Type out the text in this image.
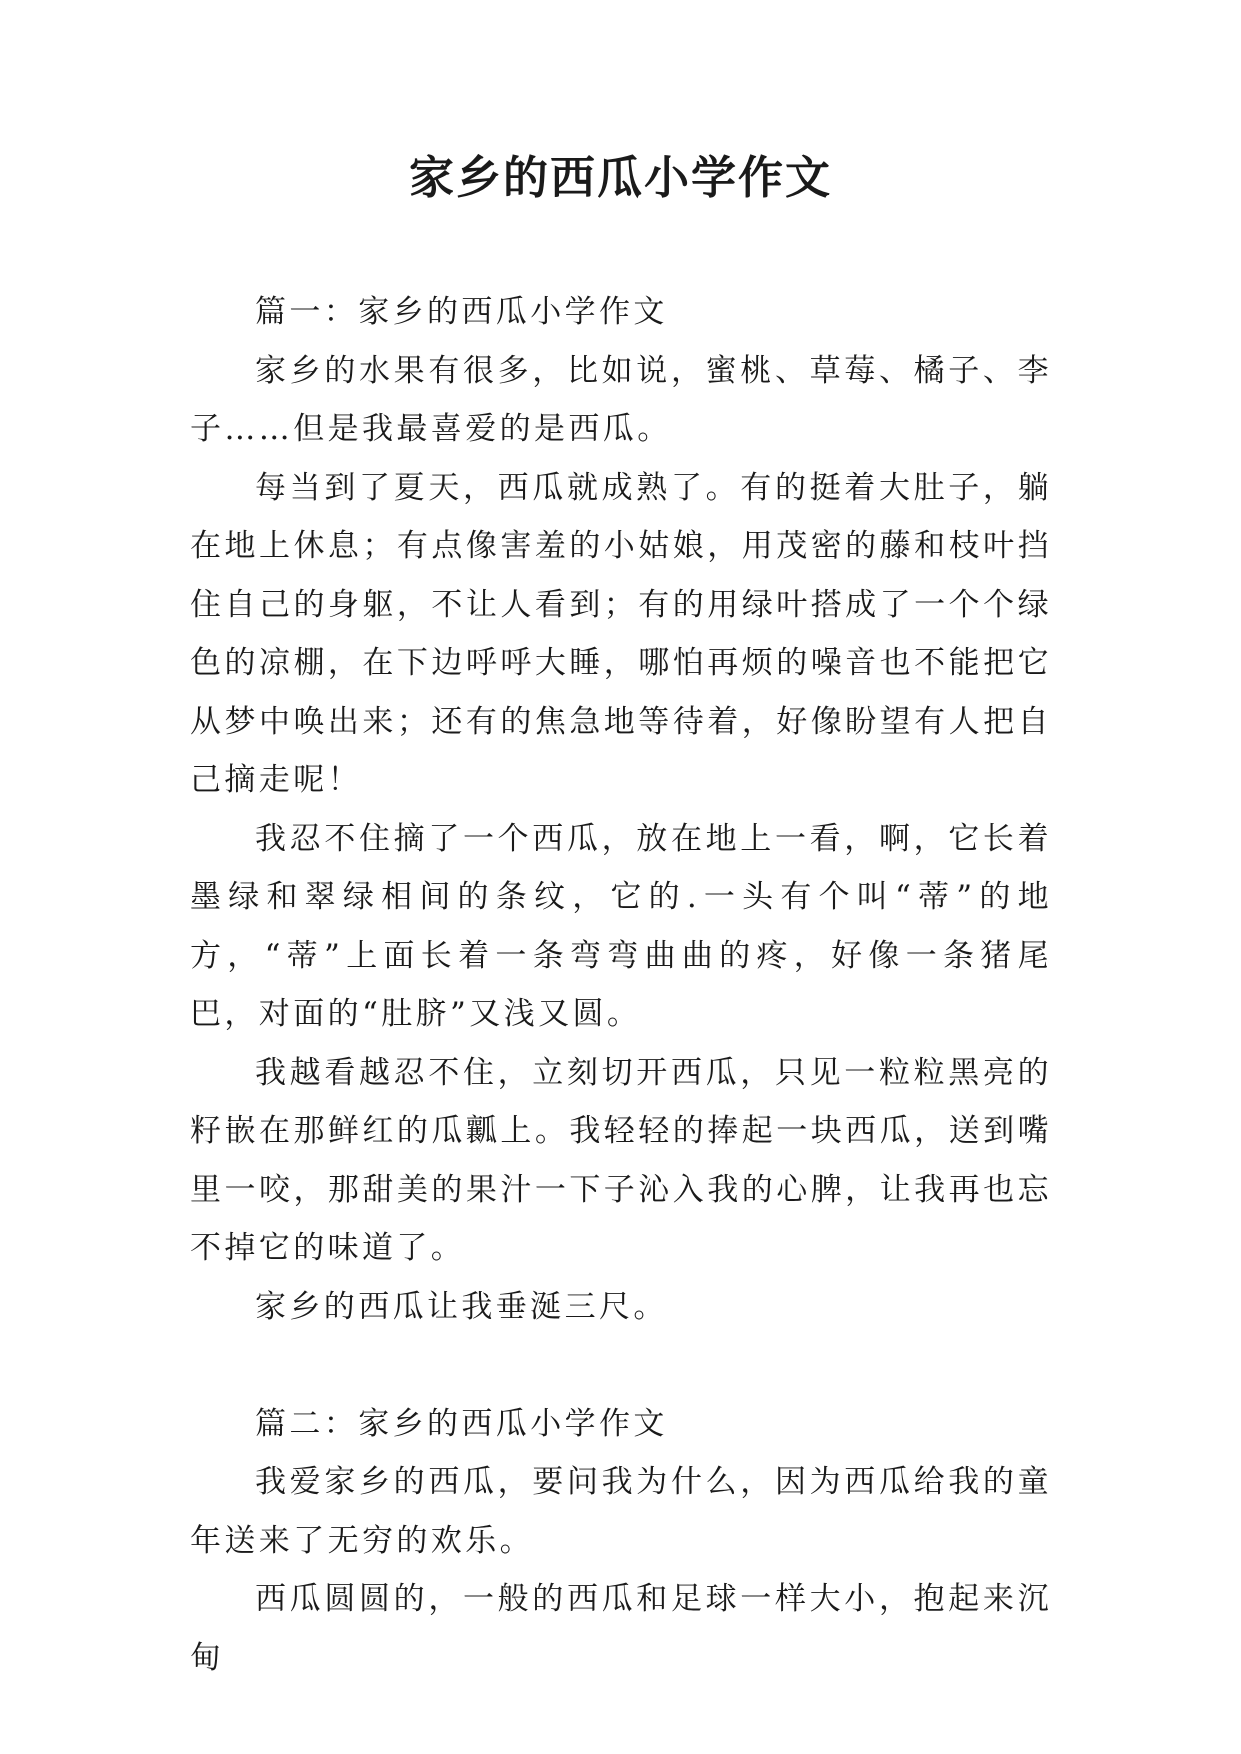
家乡的西瓜小学作文

篇一：家乡的西瓜小学作文

家乡的水果有很多，比如说，蜜桃、草莓、橘子、李子……但是我最喜爱的是西瓜。

每当到了夏天，西瓜就成熟了。有的挺着大肚子，躺在地上休息；有点像害羞的小姑娘，用茂密的藤和枝叶挡住自己的身躯，不让人看到；有的用绿叶搭成了一个个绿色的凉棚，在下边呼呼大睡，哪怕再烦的噪音也不能把它从梦中唤出来；还有的焦急地等待着，好像盼望有人把自己摘走呢！

我忍不住摘了一个西瓜，放在地上一看，啊，它长着墨绿和翠绿相间的条纹，它的.一头有个叫“蒂”的地方，“蒂”上面长着一条弯弯曲曲的疼，好像一条猪尾巴，对面的“肚脐”又浅又圆。

我越看越忍不住，立刻切开西瓜，只见一粒粒黑亮的籽嵌在那鲜红的瓜瓤上。我轻轻的捧起一块西瓜，送到嘴里一咬，那甜美的果汁一下子沁入我的心脾，让我再也忘不掉它的味道了。

家乡的西瓜让我垂涎三尺。

篇二：家乡的西瓜小学作文

我爱家乡的西瓜，要问我为什么，因为西瓜给我的童年送来了无穷的欢乐。

西瓜圆圆的，一般的西瓜和足球一样大小，抱起来沉甸
